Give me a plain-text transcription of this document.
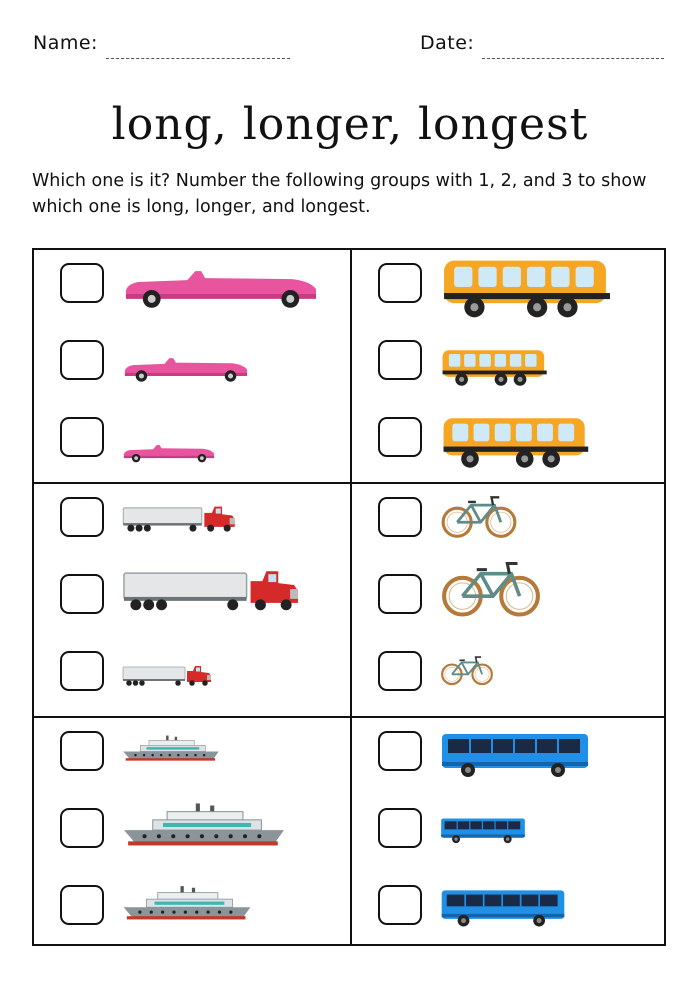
Name:	Date:
long, longer, longest

Which one is it? Number the following groups with 1, 2, and 3 to show which one is long, longer, and longest.
